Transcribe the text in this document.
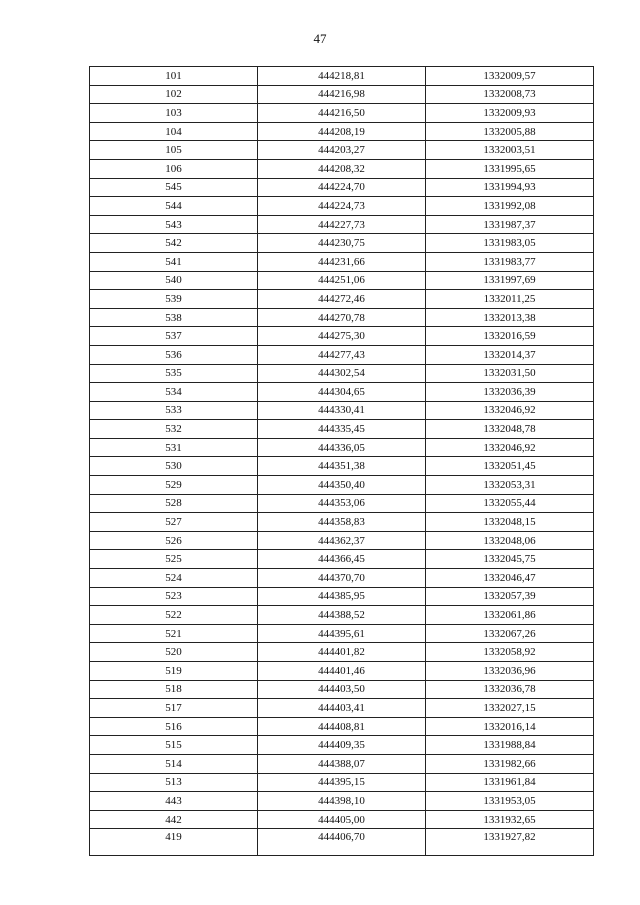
47
101	444218,81	1332009,57
102	444216,98	1332008,73
103	444216,50	1332009,93
104	444208,19	1332005,88
105	444203,27	1332003,51
106	444208,32	1331995,65
545	444224,70	1331994,93
544	444224,73	1331992,08
543	444227,73	1331987,37
542	444230,75	1331983,05
541	444231,66	1331983,77
540	444251,06	1331997,69
539	444272,46	1332011,25
538	444270,78	1332013,38
537	444275,30	1332016,59
536	444277,43	1332014,37
535	444302,54	1332031,50
534	444304,65	1332036,39
533	444330,41	1332046,92
532	444335,45	1332048,78
531	444336,05	1332046,92
530	444351,38	1332051,45
529	444350,40	1332053,31
528	444353,06	1332055,44
527	444358,83	1332048,15
526	444362,37	1332048,06
525	444366,45	1332045,75
524	444370,70	1332046,47
523	444385,95	1332057,39
522	444388,52	1332061,86
521	444395,61	1332067,26
520	444401,82	1332058,92
519	444401,46	1332036,96
518	444403,50	1332036,78
517	444403,41	1332027,15
516	444408,81	1332016,14
515	444409,35	1331988,84
514	444388,07	1331982,66
513	444395,15	1331961,84
443	444398,10	1331953,05
442	444405,00	1331932,65
419	444406,70	1331927,82
